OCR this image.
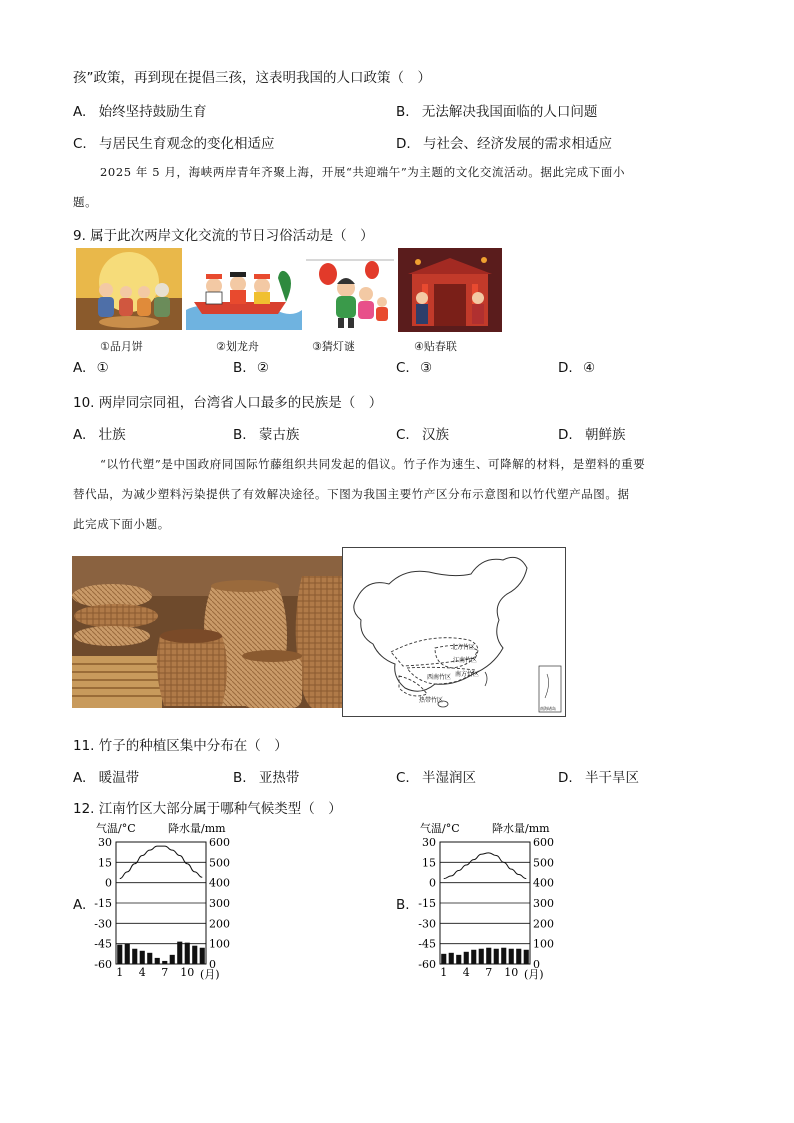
孩”政策，再到现在提倡三孩，这表明我国的人口政策（　）
A. 始终坚持鼓励生育	B. 无法解决我国面临的人口问题
C. 与居民生育观念的变化相适应	D. 与社会、经济发展的需求相适应
2025 年 5 月，海峡两岸青年齐聚上海，开展“共迎端午”为主题的文化交流活动。据此完成下面小
题。
9. 属于此次两岸文化交流的节日习俗活动是（　）
①品月饼	②划龙舟	③猜灯谜	④贴春联
A. ①	B. ②	C. ③	D. ④
10. 两岸同宗同祖，台湾省人口最多的民族是（　）
A. 壮族	B. 蒙古族	C. 汉族	D. 朝鲜族
“以竹代塑”是中国政府同国际竹藤组织共同发起的倡议。竹子作为速生、可降解的材料，是塑料的重要
替代品，为减少塑料污染提供了有效解决途径。下图为我国主要竹产区分布示意图和以竹代塑产品图。据
此完成下面小题。
北方竹区
江南竹区
南方竹区
西南竹区
热带竹区
南海诸岛
11. 竹子的种植区集中分布在（　）
A. 暖温带	B. 亚热带	C. 半湿润区	D. 半干旱区
12. 江南竹区大部分属于哪种气候类型（　）
A.	B.
气温/°C	降水量/mm
30
15
0
-15
-30
-45
-60
600
500
400
300
200
100
0
1 4 7 10 (月)
气温/°C	降水量/mm
30
15
0
-15
-30
-45
-60
600
500
400
300
200
100
0
1 4 7 10 (月)
